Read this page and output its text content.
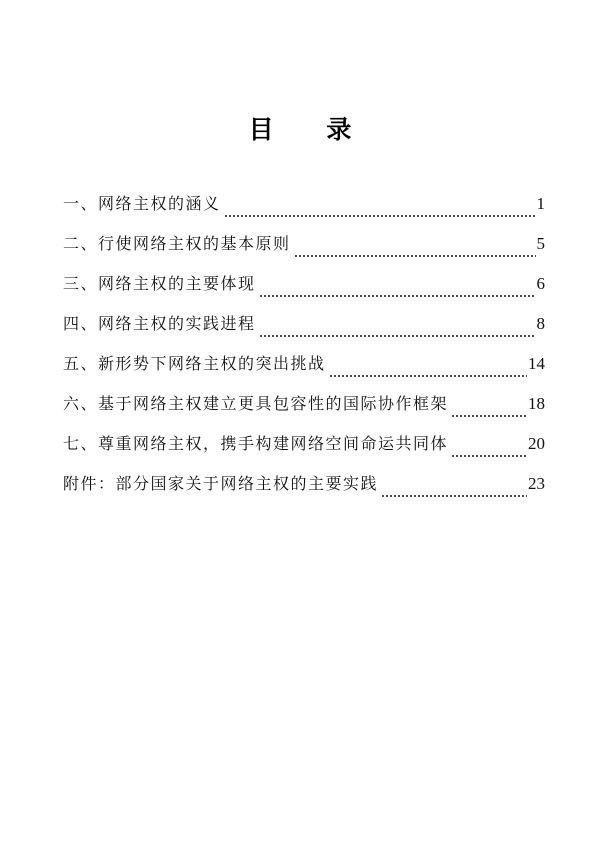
目 录
一、网络主权的涵义	1
二、行使网络主权的基本原则	5
三、网络主权的主要体现	6
四、网络主权的实践进程	8
五、新形势下网络主权的突出挑战	14
六、基于网络主权建立更具包容性的国际协作框架	18
七、尊重网络主权，携手构建网络空间命运共同体	20
附件：部分国家关于网络主权的主要实践	23
